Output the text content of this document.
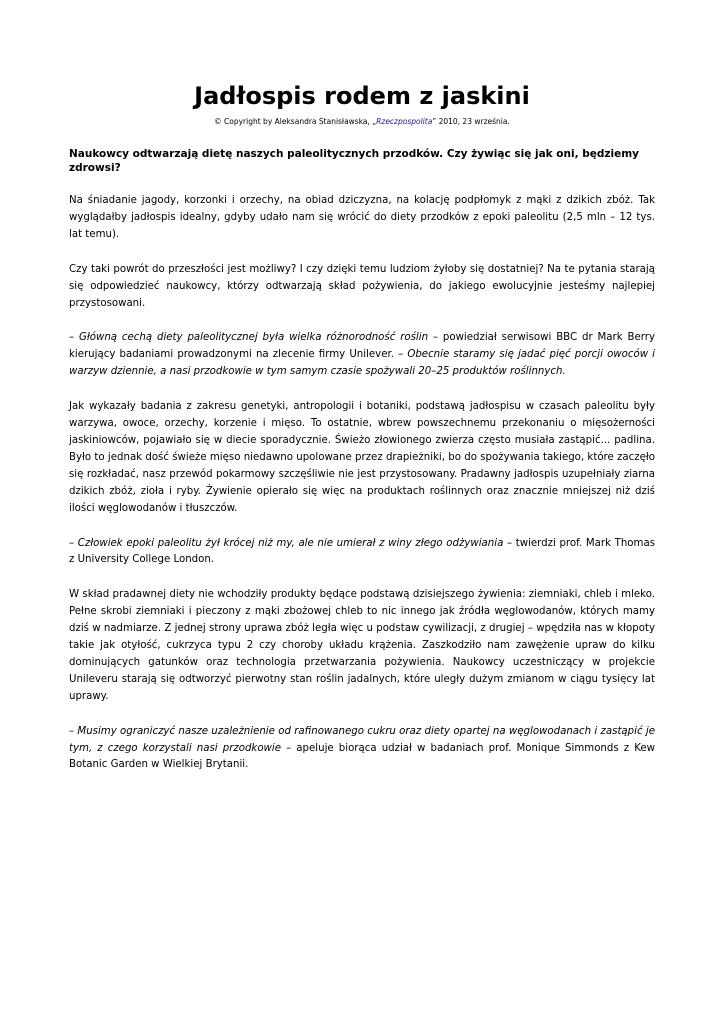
Jadłospis rodem z jaskini
© Copyright by Aleksandra Stanisławska, „Rzeczpospolita” 2010, 23 września.
Naukowcy odtwarzają dietę naszych paleolitycznych przodków. Czy żywiąc się jak oni, będziemy zdrowsi?

Na śniadanie jagody, korzonki i orzechy, na obiad dziczyzna, na kolację podpłomyk z mąki z dzikich zbóż. Tak wyglądałby jadłospis idealny, gdyby udało nam się wrócić do diety przodków z epoki paleolitu (2,5 mln – 12 tys. lat temu).

Czy taki powrót do przeszłości jest możliwy? I czy dzięki temu ludziom żyłoby się dostatniej? Na te pytania starają się odpowiedzieć naukowcy, którzy odtwarzają skład pożywienia, do jakiego ewolucyjnie jesteśmy najlepiej przystosowani.

– Główną cechą diety paleolitycznej była wielka różnorodność roślin – powiedział serwisowi BBC dr Mark Berry kierujący badaniami prowadzonymi na zlecenie firmy Unilever. – Obecnie staramy się jadać pięć porcji owoców i warzyw dziennie, a nasi przodkowie w tym samym czasie spożywali 20–25 produktów roślinnych.

Jak wykazały badania z zakresu genetyki, antropologii i botaniki, podstawą jadłospisu w czasach paleolitu były warzywa, owoce, orzechy, korzenie i mięso. To ostatnie, wbrew powszechnemu przekonaniu o mięsożerności jaskiniowców, pojawiało się w diecie sporadycznie. Świeżo złowionego zwierza często musiała zastąpić... padlina. Było to jednak dość świeże mięso niedawno upolowane przez drapieżniki, bo do spożywania takiego, które zaczęło się rozkładać, nasz przewód pokarmowy szczęśliwie nie jest przystosowany. Pradawny jadłospis uzupełniały ziarna dzikich zbóż, zioła i ryby. Żywienie opierało się więc na produktach roślinnych oraz znacznie mniejszej niż dziś ilości węglowodanów i tłuszczów.

– Człowiek epoki paleolitu żył krócej niż my, ale nie umierał z winy złego odżywiania – twierdzi prof. Mark Thomas z University College London.

W skład pradawnej diety nie wchodziły produkty będące podstawą dzisiejszego żywienia: ziemniaki, chleb i mleko. Pełne skrobi ziemniaki i pieczony z mąki zbożowej chleb to nic innego jak źródła węglowodanów, których mamy dziś w nadmiarze. Z jednej strony uprawa zbóż legła więc u podstaw cywilizacji, z drugiej – wpędziła nas w kłopoty takie jak otyłość, cukrzyca typu 2 czy choroby układu krążenia. Zaszkodziło nam zawężenie upraw do kilku dominujących gatunków oraz technologia przetwarzania pożywienia. Naukowcy uczestniczący w projekcie Unileveru starają się odtworzyć pierwotny stan roślin jadalnych, które uległy dużym zmianom w ciągu tysięcy lat uprawy.

– Musimy ograniczyć nasze uzależnienie od rafinowanego cukru oraz diety opartej na węglowodanach i zastąpić je tym, z czego korzystali nasi przodkowie – apeluje biorąca udział w badaniach prof. Monique Simmonds z Kew Botanic Garden w Wielkiej Brytanii.
